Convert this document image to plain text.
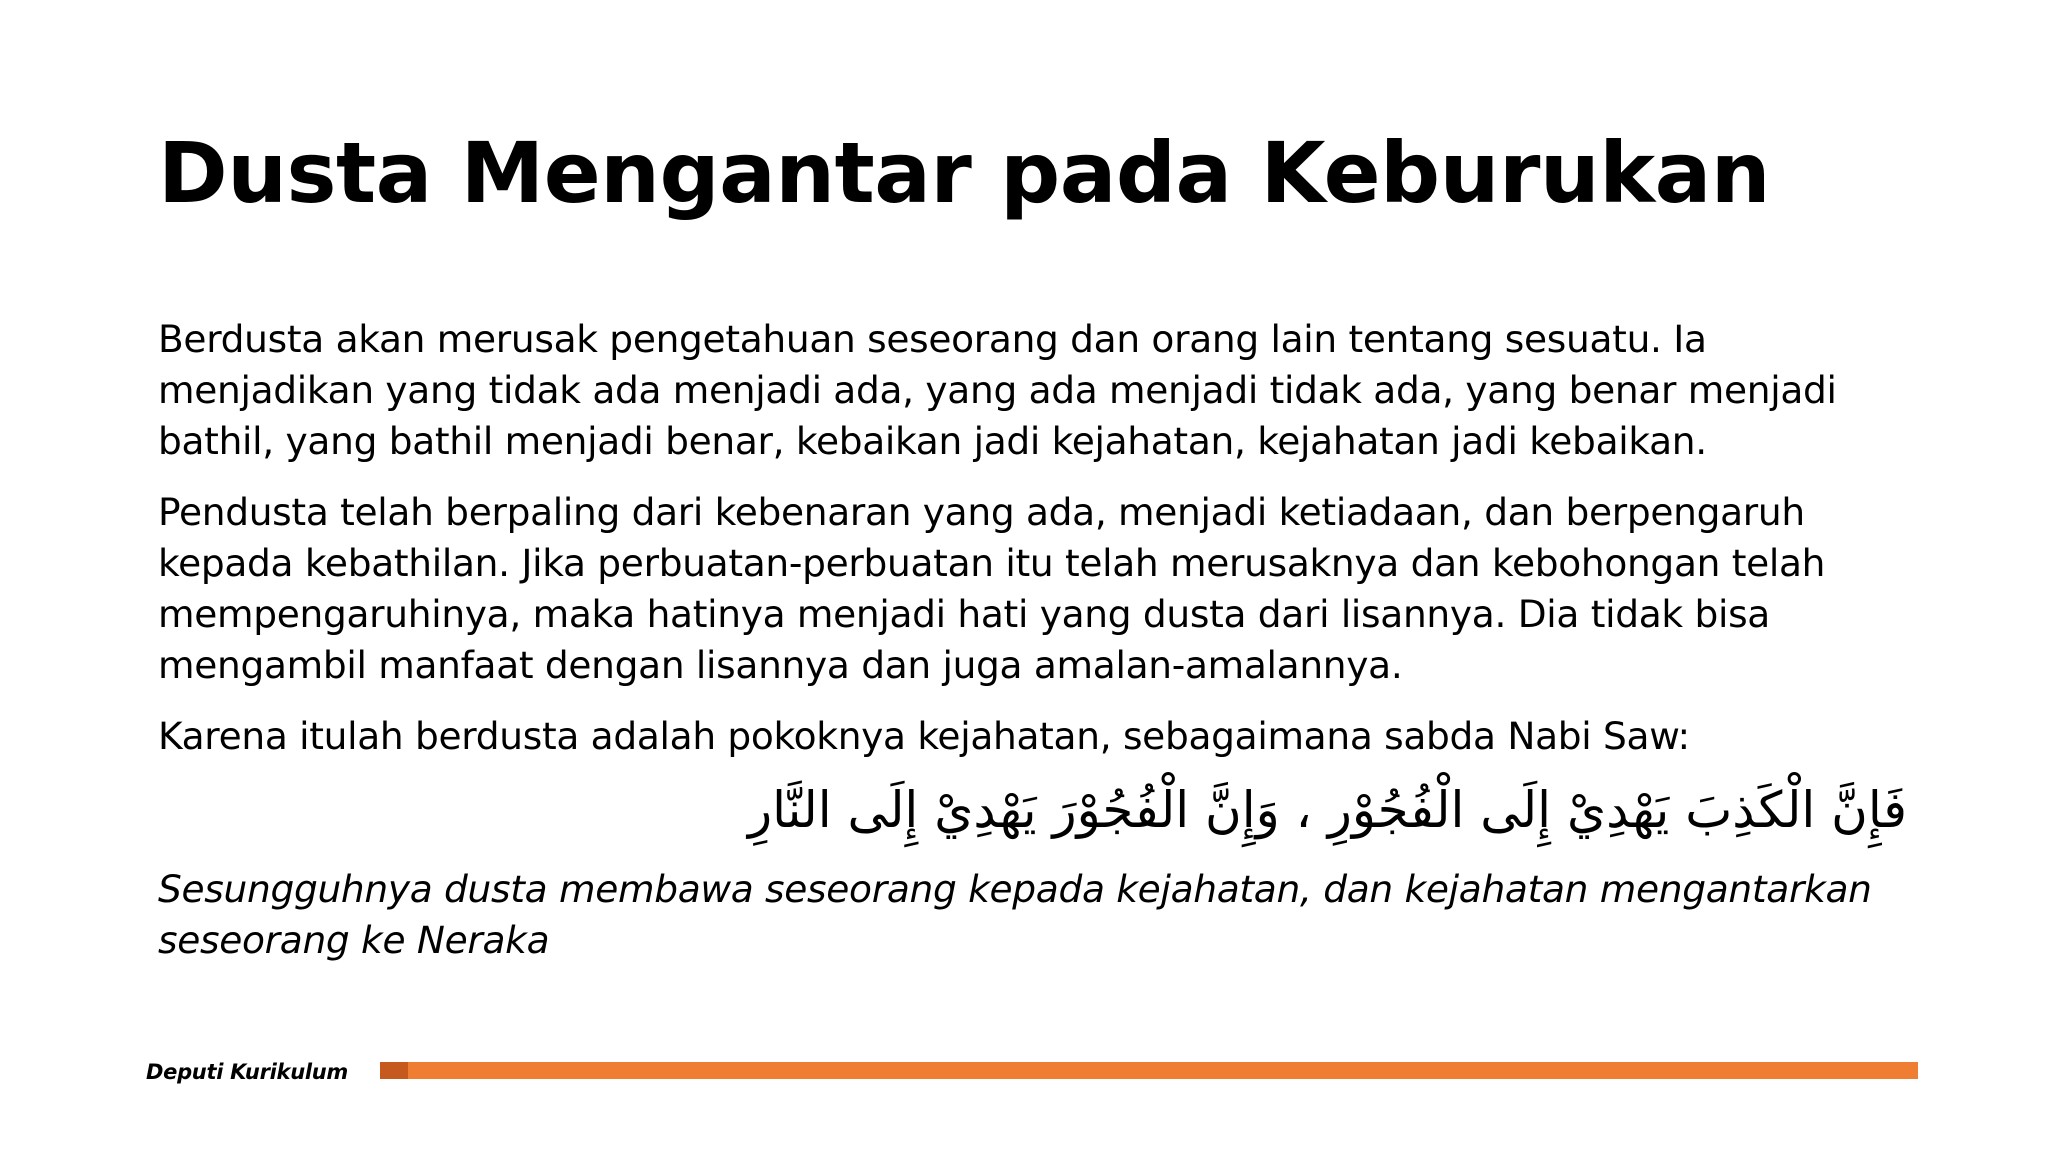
Dusta Mengantar pada Keburukan

Berdusta akan merusak pengetahuan seseorang dan orang lain tentang sesuatu. Ia menjadikan yang tidak ada menjadi ada, yang ada menjadi tidak ada, yang benar menjadi bathil, yang bathil menjadi benar, kebaikan jadi kejahatan, kejahatan jadi kebaikan.

Pendusta telah berpaling dari kebenaran yang ada, menjadi ketiadaan, dan berpengaruh kepada kebathilan. Jika perbuatan-perbuatan itu telah merusaknya dan kebohongan telah mempengaruhinya, maka hatinya menjadi hati yang dusta dari lisannya. Dia tidak bisa mengambil manfaat dengan lisannya dan juga amalan-amalannya.

Karena itulah berdusta adalah pokoknya kejahatan, sebagaimana sabda Nabi Saw:

فَإِنَّ الْكَذِبَ يَهْدِيْ إِلَى الْفُجُوْرِ ، وَإِنَّ الْفُجُوْرَ يَهْدِيْ إِلَى النَّارِ

Sesungguhnya dusta membawa seseorang kepada kejahatan, dan kejahatan mengantarkan seseorang ke Neraka

Deputi Kurikulum
